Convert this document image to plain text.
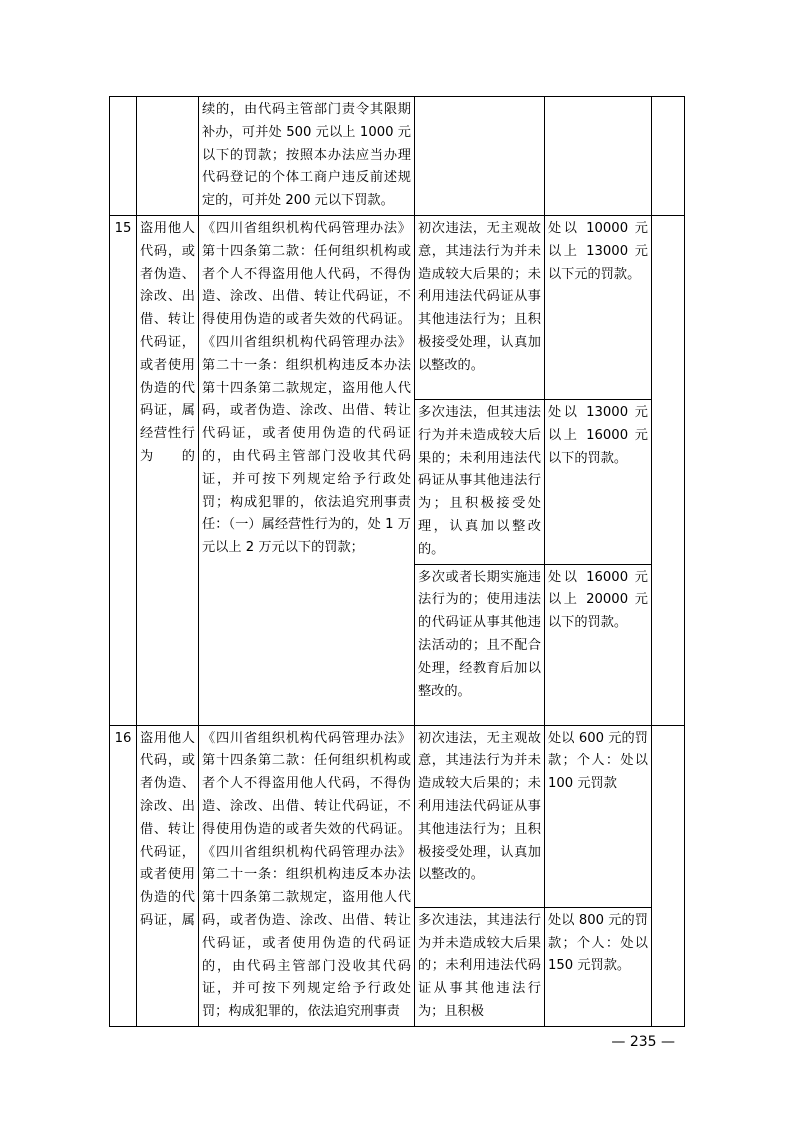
		续的，由代码主管部门责令其限期补办，可并处 500 元以上 1000 元以下的罚款；按照本办法应当办理代码登记的个体工商户违反前述规定的，可并处 200 元以下罚款。			
15	盗用他人代码，或者伪造、涂改、出借、转让代码证，或者使用伪造的代码证，属经营性行为的	《四川省组织机构代码管理办法》第十四条第二款：任何组织机构或者个人不得盗用他人代码，不得伪造、涂改、出借、转让代码证，不得使用伪造的或者失效的代码证。《四川省组织机构代码管理办法》第二十一条：组织机构违反本办法第十四条第二款规定，盗用他人代码，或者伪造、涂改、出借、转让代码证，或者使用伪造的代码证的，由代码主管部门没收其代码证，并可按下列规定给予行政处罚；构成犯罪的，依法追究刑事责任：（一）属经营性行为的，处 1 万元以上 2 万元以下的罚款；	初次违法，无主观故意，其违法行为并未造成较大后果的；未利用违法代码证从事其他违法行为；且积极接受处理，认真加以整改的。	处以 10000 元以上 13000 元以下元的罚款。	
			多次违法，但其违法行为并未造成较大后果的；未利用违法代码证从事其他违法行为；且积极接受处理，认真加以整改的。	处以 13000 元以上 16000 元以下的罚款。	
			多次或者长期实施违法行为的；使用违法的代码证从事其他违法活动的；且不配合处理，经教育后加以整改的。	处以 16000 元以上 20000 元以下的罚款。	
16	盗用他人代码，或者伪造、涂改、出借、转让代码证，或者使用伪造的代码证，属	《四川省组织机构代码管理办法》第十四条第二款：任何组织机构或者个人不得盗用他人代码，不得伪造、涂改、出借、转让代码证，不得使用伪造的或者失效的代码证。《四川省组织机构代码管理办法》第二十一条：组织机构违反本办法第十四条第二款规定，盗用他人代码，或者伪造、涂改、出借、转让代码证，或者使用伪造的代码证的，由代码主管部门没收其代码证，并可按下列规定给予行政处罚；构成犯罪的，依法追究刑事责	初次违法，无主观故意，其违法行为并未造成较大后果的；未利用违法代码证从事其他违法行为；且积极接受处理，认真加以整改的。	处以 600 元的罚款；个人：处以 100 元罚款	
			多次违法，其违法行为并未造成较大后果的；未利用违法代码证从事其他违法行为；且积极	处以 800 元的罚款；个人：处以 150 元罚款。	
— 235 —
